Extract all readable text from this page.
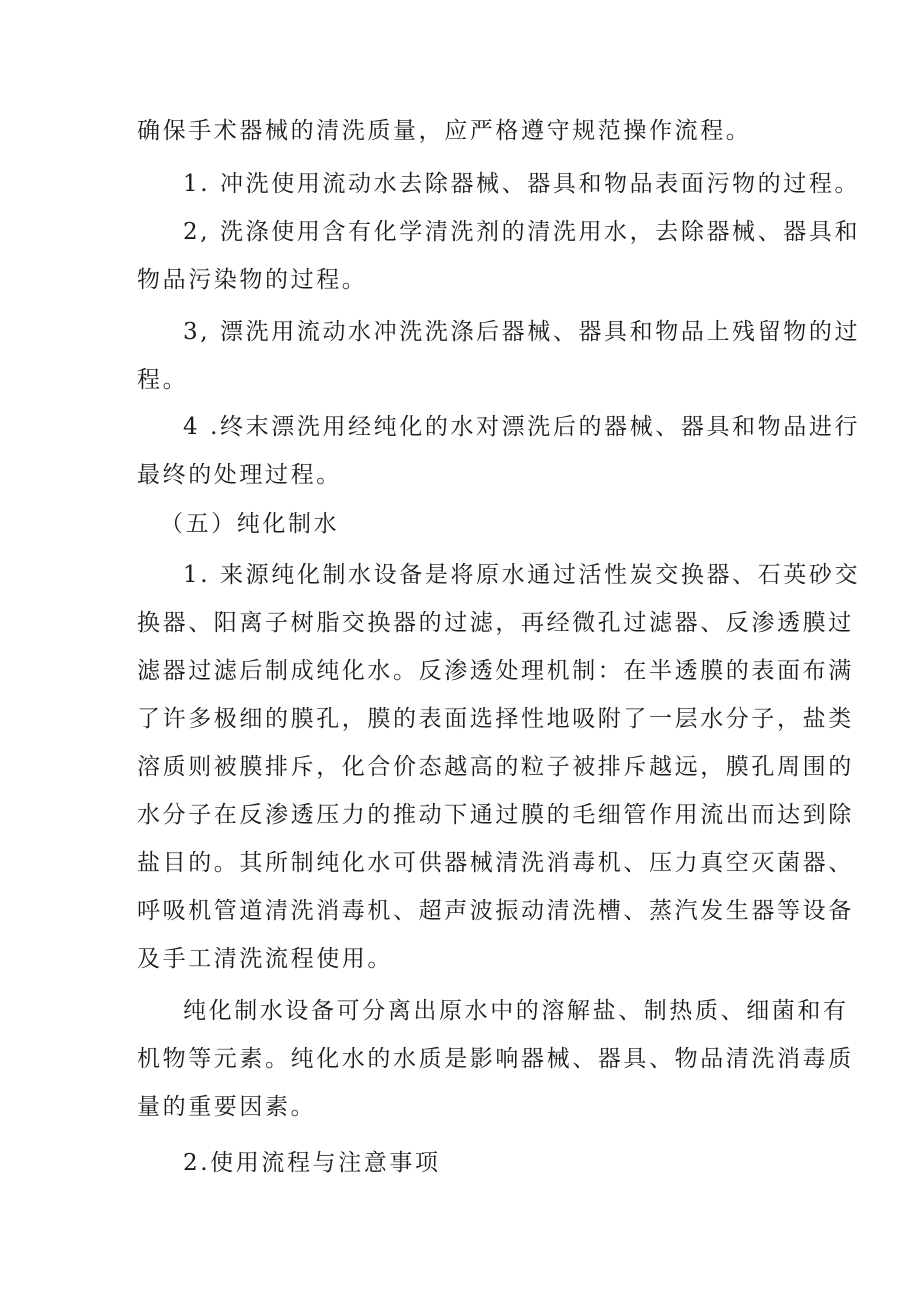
确保手术器械的清洗质量，应严格遵守规范操作流程。
1. 冲洗使用流动水去除器械、器具和物品表面污物的过程。
2, 洗涤使用含有化学清洗剂的清洗用水，去除器械、器具和
物品污染物的过程。
3, 漂洗用流动水冲洗洗涤后器械、器具和物品上残留物的过
程。
4 .终末漂洗用经纯化的水对漂洗后的器械、器具和物品进行
最终的处理过程。
（五）纯化制水
1. 来源纯化制水设备是将原水通过活性炭交换器、石英砂交
换器、阳离子树脂交换器的过滤，再经微孔过滤器、反渗透膜过
滤器过滤后制成纯化水。反渗透处理机制：在半透膜的表面布满
了许多极细的膜孔，膜的表面选择性地吸附了一层水分子，盐类
溶质则被膜排斥，化合价态越高的粒子被排斥越远，膜孔周围的
水分子在反渗透压力的推动下通过膜的毛细管作用流出而达到除
盐目的。其所制纯化水可供器械清洗消毒机、压力真空灭菌器、
呼吸机管道清洗消毒机、超声波振动清洗槽、蒸汽发生器等设备
及手工清洗流程使用。
纯化制水设备可分离出原水中的溶解盐、制热质、细菌和有
机物等元素。纯化水的水质是影响器械、器具、物品清洗消毒质
量的重要因素。
2.使用流程与注意事项
